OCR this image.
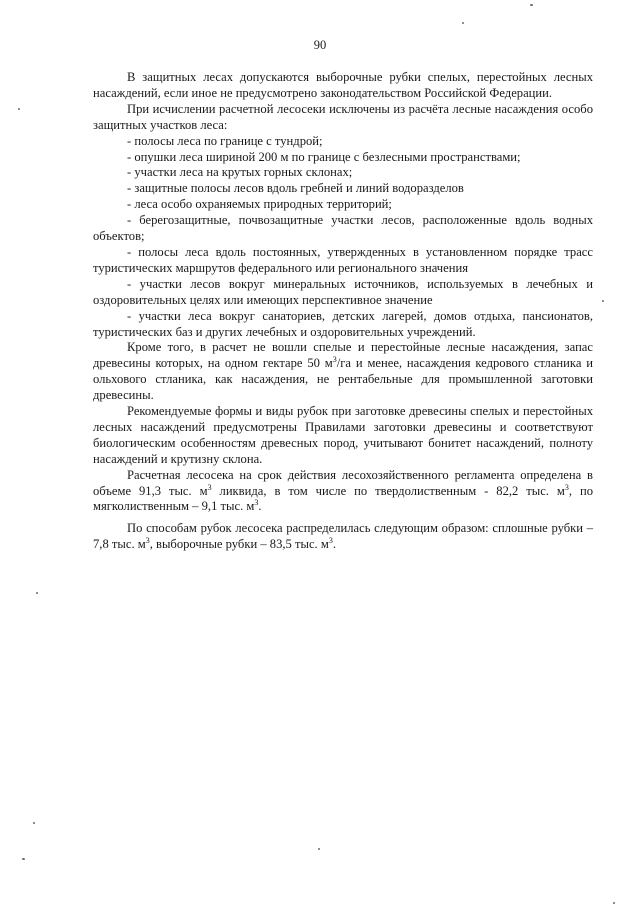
90

В защитных лесах допускаются выборочные рубки спелых, перестойных лесных насаждений, если иное не предусмотрено законодательством Российской Федерации.

При исчислении расчетной лесосеки исключены из расчёта лесные насаждения особо защитных участков леса:

- полосы леса по границе с тундрой;

- опушки леса шириной 200 м по границе с безлесными пространствами;

- участки леса на крутых горных склонах;

- защитные полосы лесов вдоль гребней и линий водоразделов

- леса особо охраняемых природных территорий;

- берегозащитные, почвозащитные участки лесов, расположенные вдоль водных объектов;

- полосы леса вдоль постоянных, утвержденных в установленном порядке трасс туристических маршрутов федерального или регионального значения

- участки лесов вокруг минеральных источников, используемых в лечебных и оздоровительных целях или имеющих перспективное значение

- участки леса вокруг санаториев, детских лагерей, домов отдыха, пансионатов, туристических баз и других лечебных и оздоровительных учреждений.

Кроме того, в расчет не вошли спелые и перестойные лесные насаждения, запас древесины которых, на одном гектаре 50 $м^3/га$ и менее, насаждения кедрового стланика и ольхового стланика, как насаждения, не рентабельные для промышленной заготовки древесины.

Рекомендуемые формы и виды рубок при заготовке древесины спелых и перестойных лесных насаждений предусмотрены Правилами заготовки древесины и соответствуют биологическим особенностям древесных пород, учитывают бонитет насаждений, полноту насаждений и крутизну склона.

Расчетная лесосека на срок действия лесохозяйственного регламента определена в объеме 91,3 тыс. $м^3$ ликвида, в том числе по твердолиственным - 82,2 тыс. $м^3$, по мягколиственным – 9,1 тыс. $м^3$.

По способам рубок лесосека распределилась следующим образом: сплошные рубки – 7,8 тыс. $м^3$, выборочные рубки – 83,5 тыс. $м^3$.
